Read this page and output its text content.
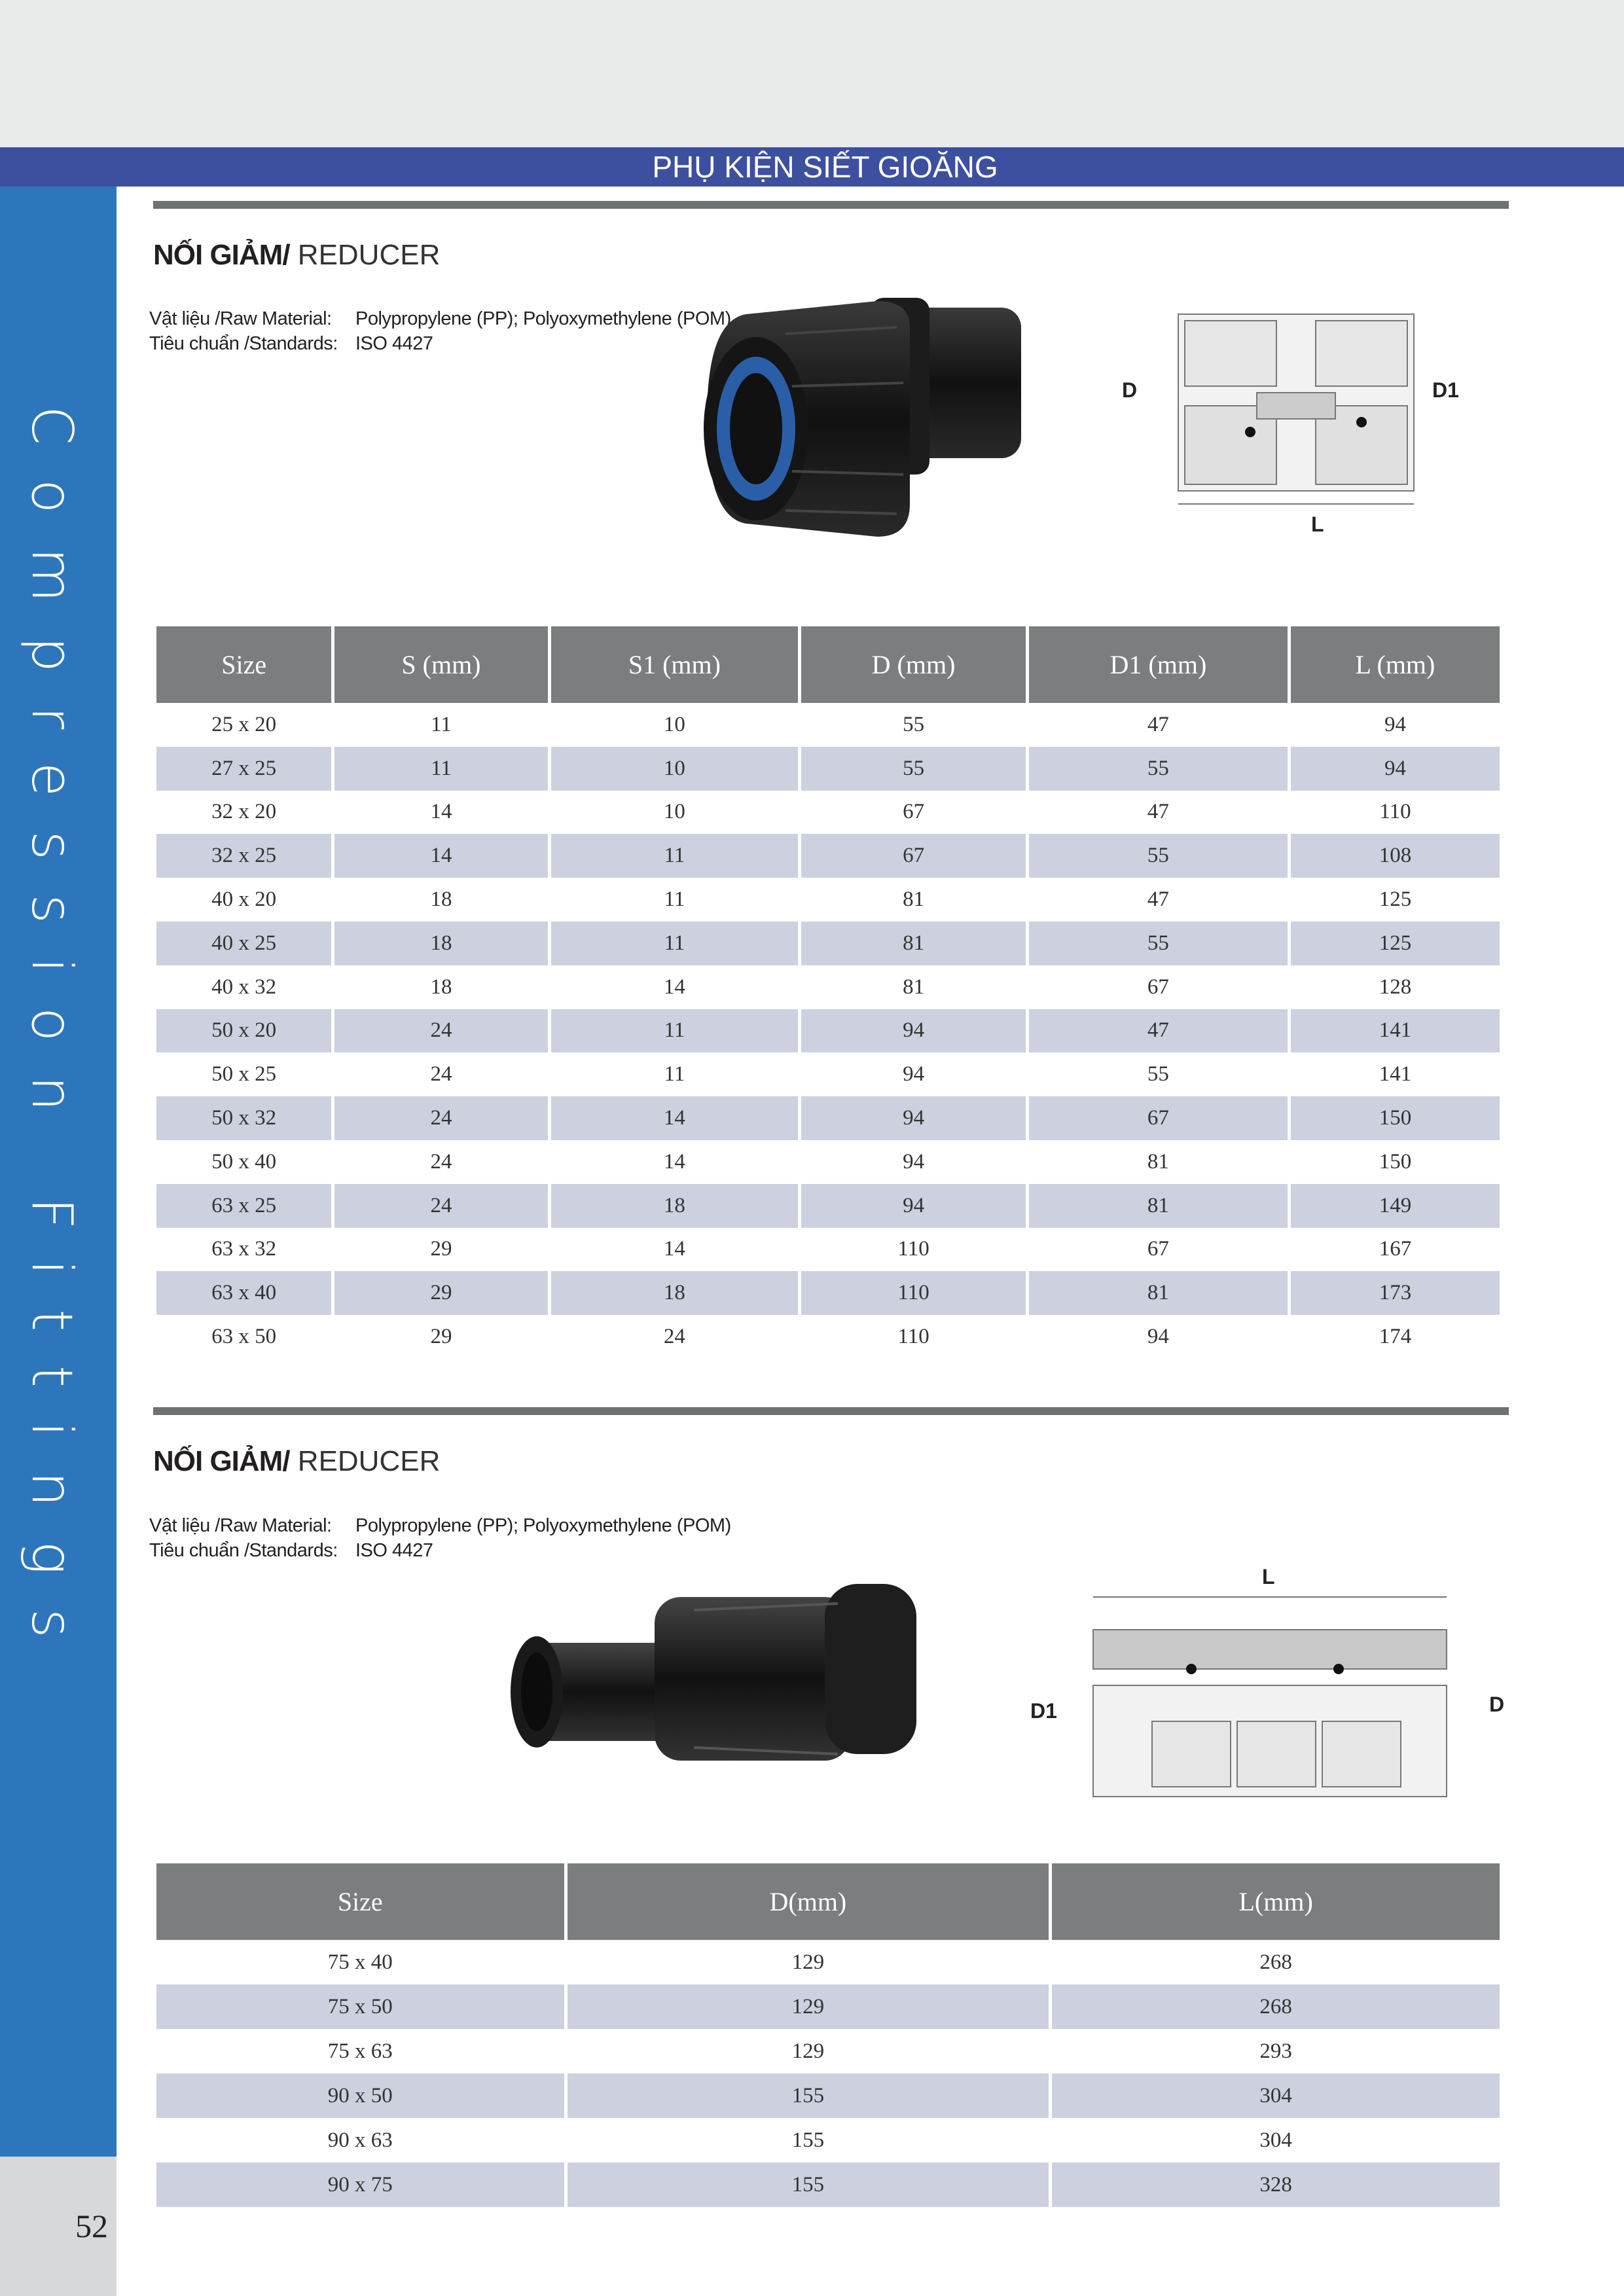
PHỤ KIỆN SIẾT GIOĂNG
Compression Fittings
52
NỐI GIẢM/ REDUCER
Vật liệu /Raw Material:	Polypropylene (PP); Polyoxymethylene (POM)
Tiêu chuẩn /Standards: ISO 4427
D	D1
L
Size	S (mm)	S1 (mm)	D (mm)	D1 (mm)	L (mm)
25 x 20	11	10	55	47	94
27 x 25	11	10	55	55	94
32 x 20	14	10	67	47	110
32 x 25	14	11	67	55	108
40 x 20	18	11	81	47	125
40 x 25	18	11	81	55	125
40 x 32	18	14	81	67	128
50 x 20	24	11	94	47	141
50 x 25	24	11	94	55	141
50 x 32	24	14	94	67	150
50 x 40	24	14	94	81	150
63 x 25	24	18	94	81	149
63 x 32	29	14	110	67	167
63 x 40	29	18	110	81	173
63 x 50	29	24	110	94	174
NỐI GIẢM/ REDUCER
Vật liệu /Raw Material:	Polypropylene (PP); Polyoxymethylene (POM)
Tiêu chuẩn /Standards: ISO 4427
L
D1	D
Size	D(mm)	L(mm)
75 x 40	129	268
75 x 50	129	268
75 x 63	129	293
90 x 50	155	304
90 x 63	155	304
90 x 75	155	328
